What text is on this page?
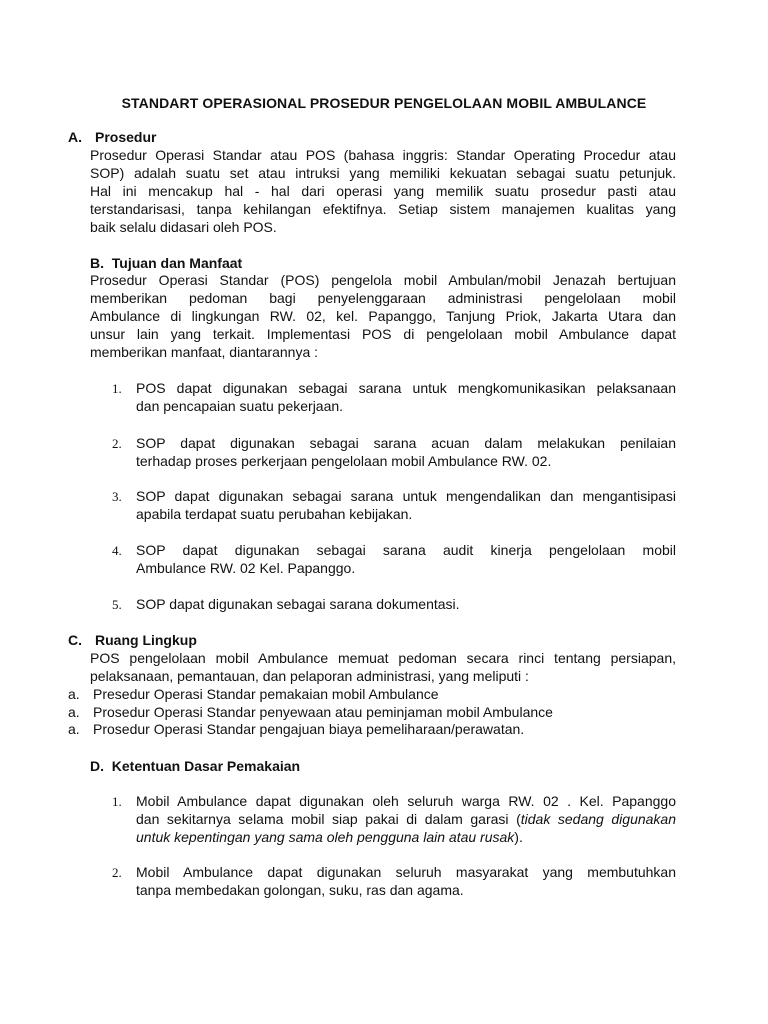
STANDART OPERASIONAL PROSEDUR PENGELOLAAN MOBIL AMBULANCE
A. Prosedur
Prosedur Operasi Standar atau POS (bahasa inggris: Standar Operating Procedur atau
SOP) adalah suatu set atau intruksi yang memiliki kekuatan sebagai suatu petunjuk.
Hal ini mencakup hal - hal dari operasi yang memilik suatu prosedur pasti atau
terstandarisasi, tanpa kehilangan efektifnya. Setiap sistem manajemen kualitas yang
baik selalu didasari oleh POS.
B. Tujuan dan Manfaat
Prosedur Operasi Standar (POS) pengelola mobil Ambulan/mobil Jenazah bertujuan
memberikan pedoman bagi penyelenggaraan administrasi pengelolaan mobil
Ambulance di lingkungan RW. 02, kel. Papanggo, Tanjung Priok, Jakarta Utara dan
unsur lain yang terkait. Implementasi POS di pengelolaan mobil Ambulance dapat
memberikan manfaat, diantarannya :
1. POS dapat digunakan sebagai sarana untuk mengkomunikasikan pelaksanaan
dan pencapaian suatu pekerjaan.
2. SOP dapat digunakan sebagai sarana acuan dalam melakukan penilaian
terhadap proses perkerjaan pengelolaan mobil Ambulance RW. 02.
3. SOP dapat digunakan sebagai sarana untuk mengendalikan dan mengantisipasi
apabila terdapat suatu perubahan kebijakan.
4. SOP dapat digunakan sebagai sarana audit kinerja pengelolaan mobil
Ambulance RW. 02 Kel. Papanggo.
5. SOP dapat digunakan sebagai sarana dokumentasi.
C. Ruang Lingkup
POS pengelolaan mobil Ambulance memuat pedoman secara rinci tentang persiapan,
pelaksanaan, pemantauan, dan pelaporan administrasi, yang meliputi :
a. Presedur Operasi Standar pemakaian mobil Ambulance
a. Prosedur Operasi Standar penyewaan atau peminjaman mobil Ambulance
a. Prosedur Operasi Standar pengajuan biaya pemeliharaan/perawatan.
D. Ketentuan Dasar Pemakaian
1. Mobil Ambulance dapat digunakan oleh seluruh warga RW. 02 . Kel. Papanggo
dan sekitarnya selama mobil siap pakai di dalam garasi (tidak sedang digunakan
untuk kepentingan yang sama oleh pengguna lain atau rusak).
2. Mobil Ambulance dapat digunakan seluruh masyarakat yang membutuhkan
tanpa membedakan golongan, suku, ras dan agama.
